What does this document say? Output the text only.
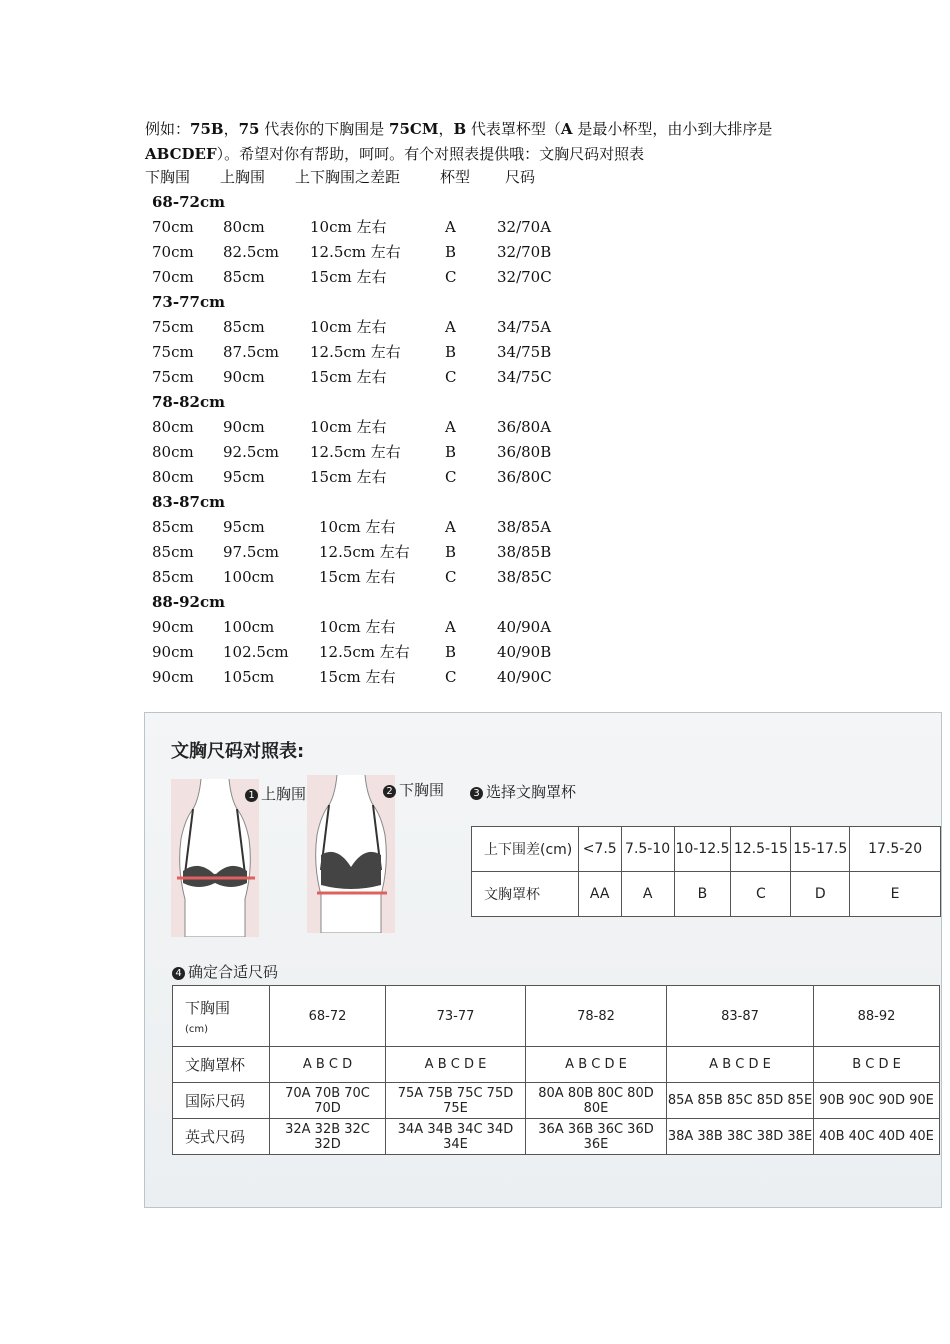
例如：75B，75 代表你的下胸围是 75CM，B 代表罩杯型（A 是最小杯型，由小到大排序是
ABCDEF）。希望对你有帮助，呵呵。有个对照表提供哦：文胸尺码对照表
下胸围 上胸围 上下胸围之差距	杯型 尺码
68-72cm
70cm 80cm	10cm 左右	A	32/70A
70cm 82.5cm 12.5cm 左右	B	32/70B
70cm 85cm	15cm 左右	C	32/70C
73-77cm
75cm 85cm	10cm 左右	A	34/75A
75cm 87.5cm 12.5cm 左右	B	34/75B
75cm 90cm	15cm 左右	C	34/75C
78-82cm
80cm 90cm	10cm 左右	A	36/80A
80cm 92.5cm 12.5cm 左右	B	36/80B
80cm 95cm	15cm 左右	C	36/80C
83-87cm
85cm 95cm	10cm 左右	A	38/85A
85cm 97.5cm	12.5cm 左右 B	38/85B
85cm 100cm	15cm 左右	C	38/85C
88-92cm
90cm 100cm	10cm 左右	A	40/90A
90cm 102.5cm 12.5cm 左右 B	40/90B
90cm 105cm	15cm 左右	C	40/90C
文胸尺码对照表:
1 上胸围	2 下胸围	3 选择文胸罩杯
上下围差(cm)	<7.5	7.5-10	10-12.5	12.5-15	15-17.5	17.5-20
文胸罩杯	AA	A	B	C	D	E
4 确定合适尺码
下胸围
(cm)	68-72	73-77	78-82	83-87	88-92
文胸罩杯	A B C D	A B C D E	A B C D E	A B C D E	B C D E
国际尺码	70A 70B 70C 70D	75A 75B 75C 75D 75E	80A 80B 80C 80D 80E	85A 85B 85C 85D 85E	90B 90C 90D 90E
英式尺码	32A 32B 32C 32D	34A 34B 34C 34D 34E	36A 36B 36C 36D 36E	38A 38B 38C 38D 38E	40B 40C 40D 40E
